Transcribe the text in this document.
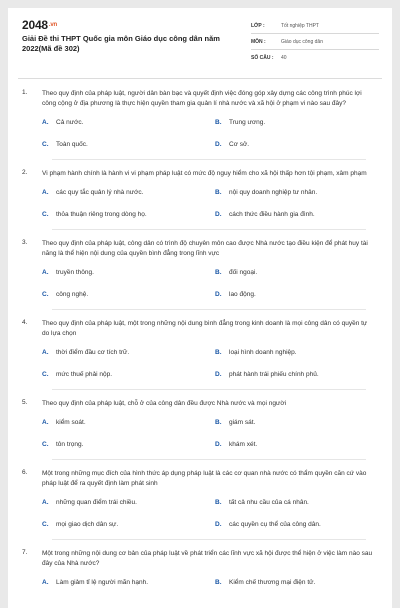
$2048^{.vn}$
Giải Đề thi THPT Quốc gia môn Giáo dục công dân năm 2022(Mã đề 302)
LỚP :	Tốt nghiệp THPT
MÔN :	Giáo dục công dân
SỐ CÂU :	40
1. Theo quy định của pháp luật, người dân bàn bạc và quyết định việc đóng góp xây dựng các công trình phúc lợi công cộng ở địa phương là thực hiện quyền tham gia quản lí nhà nước và xã hội ở phạm vi nào sau đây?
A. Cả nước.	B. Trung ương.
C. Toàn quốc.	D. Cơ sở.
2. Vi phạm hành chính là hành vi vi phạm pháp luật có mức độ nguy hiểm cho xã hội thấp hơn tội phạm, xâm phạm
A. các quy tắc quản lý nhà nước.	B. nội quy doanh nghiệp tư nhân.
C. thỏa thuận riêng trong dòng họ.	D. cách thức điều hành gia đình.
3. Theo quy định của pháp luật, công dân có trình độ chuyên môn cao được Nhà nước tạo điều kiện để phát huy tài năng là thể hiện nội dung của quyền bình đẳng trong lĩnh vực
A. truyền thông.	B. đối ngoại.
C. công nghệ.	D. lao động.
4. Theo quy định của pháp luật, một trong những nội dung bình đẳng trong kinh doanh là mọi công dân có quyền tự do lựa chọn
A. thời điểm đầu cơ tích trữ.	B. loại hình doanh nghiệp.
C. mức thuế phải nộp.	D. phát hành trái phiếu chính phủ.
5. Theo quy định của pháp luật, chỗ ở của công dân đều được Nhà nước và mọi người
A. kiểm soát.	B. giám sát.
C. tôn trọng.	D. khám xét.
6. Một trong những mục đích của hình thức áp dụng pháp luật là các cơ quan nhà nước có thẩm quyền căn cứ vào pháp luật để ra quyết định làm phát sinh
A. những quan điểm trái chiều.	B. tất cả nhu cầu của cá nhân.
C. mọi giao dịch dân sự.	D. các quyền cụ thể của công dân.
7. Một trong những nội dung cơ bản của pháp luật về phát triển các lĩnh vực xã hội được thể hiện ở việc làm nào sau đây của Nhà nước?
A. Làm giảm tỉ lệ người mãn hạnh.	B. Kiểm chế thương mại điện tử.
